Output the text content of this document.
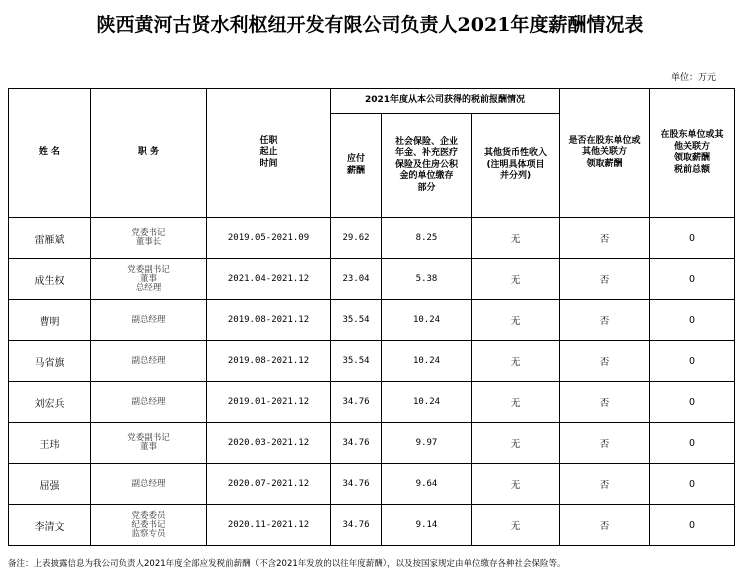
陕西黄河古贤水利枢纽开发有限公司负责人2021年度薪酬情况表
单位：万元
姓 名	职 务	任职
起止
时间	2021年度从本公司获得的税前报酬情况			是否在股东单位或
其他关联方
领取薪酬	在股东单位或其
他关联方
领取薪酬
税前总额

			应付
薪酬	社会保险、企业
年金、补充医疗
保险及住房公积
金的单位缴存
部分	其他货币性收入
(注明具体项目
并分列)		

雷雁斌	党委书记
董事长	2019.05-2021.09	29.62	8.25	无	否	0
成生权	党委副书记
董事
总经理	2021.04-2021.12	23.04	5.38	无	否	0
曹明	副总经理	2019.08-2021.12	35.54	10.24	无	否	0
马省旗	副总经理	2019.08-2021.12	35.54	10.24	无	否	0
刘宏兵	副总经理	2019.01-2021.12	34.76	10.24	无	否	0
王玮	党委副书记
董事	2020.03-2021.12	34.76	9.97	无	否	0
屈强	副总经理	2020.07-2021.12	34.76	9.64	无	否	0
李清文	党委委员
纪委书记
监察专员	2020.11-2021.12	34.76	9.14	无	否	0
备注：上表披露信息为我公司负责人2021年度全部应发税前薪酬（不含2021年发放的以往年度薪酬），以及按国家规定由单位缴存各种社会保险等。
